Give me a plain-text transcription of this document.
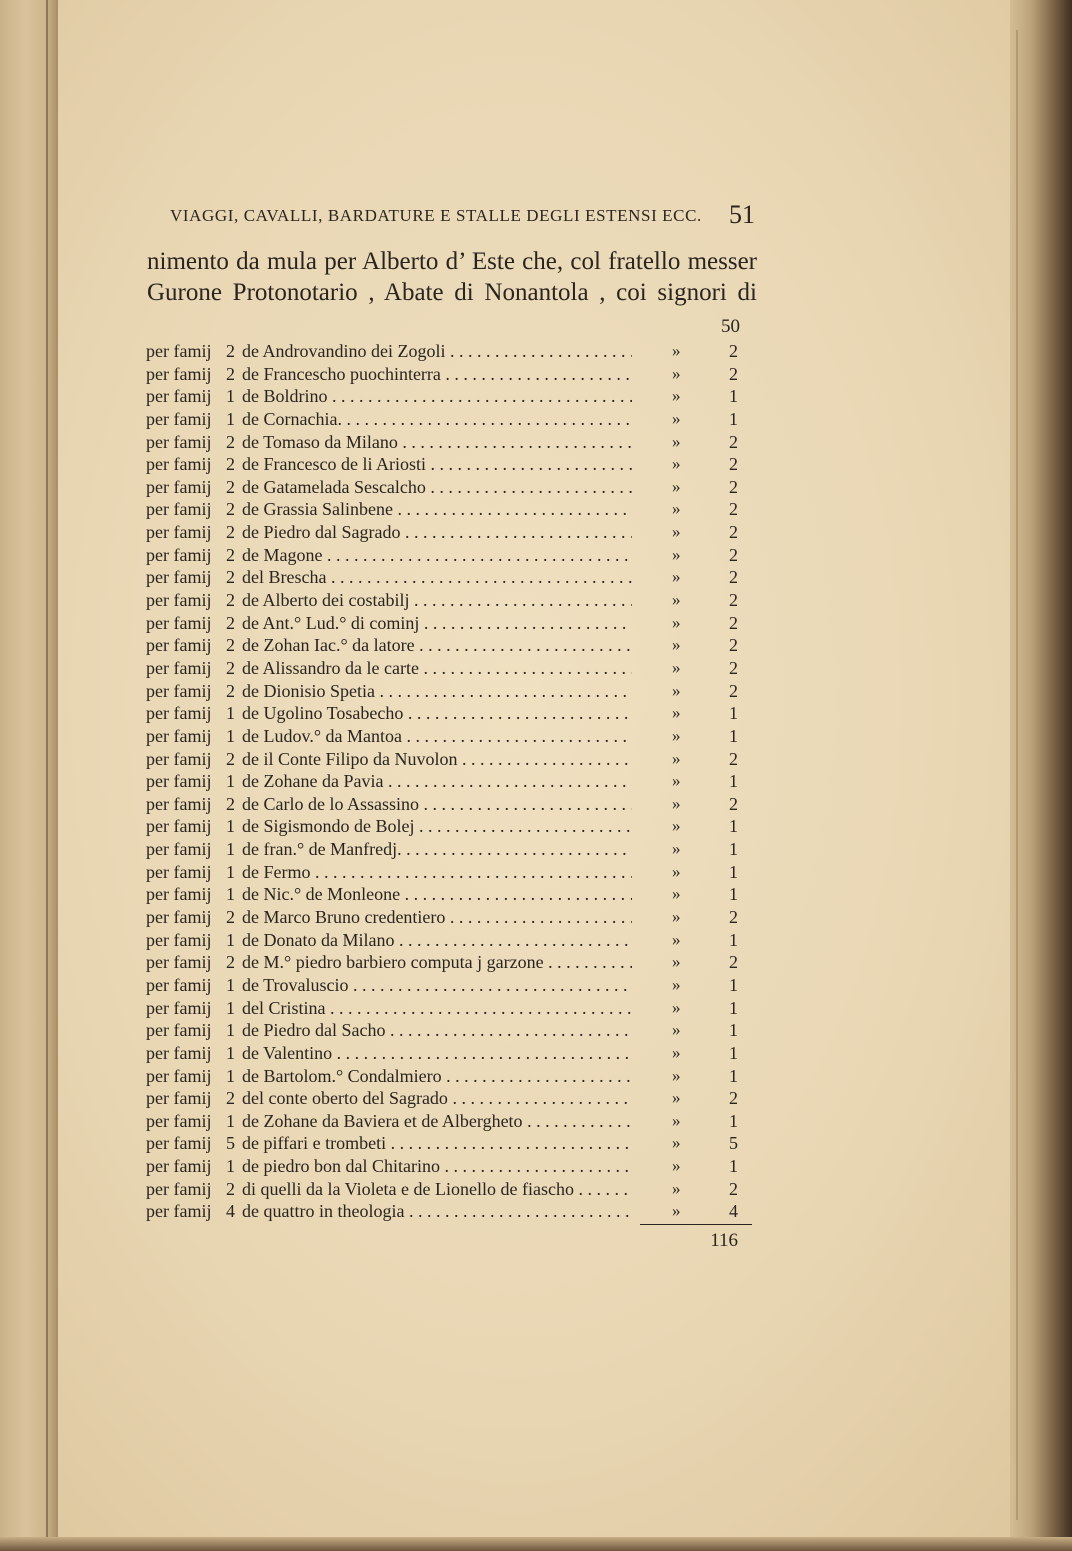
VIAGGI, CAVALLI, BARDATURE E STALLE DEGLI ESTENSI ECC. 51
nimento da mula per Alberto d’ Este che, col fratello messer
Gurone Protonotario , Abate di Nonantola , coi signori di
50
per famij 2 de Androvandino dei Zogoli . . .	»	2
per famij 2 de Francescho puochinterra . . .	»	2
per famij 1 de Boldrino . . .	»	1
per famij 1 de Cornachia. . . .	»	1
per famij 2 de Tomaso da Milano . . .	»	2
per famij 2 de Francesco de li Ariosti . . .	»	2
per famij 2 de Gatamelada Sescalcho . . .	»	2
per famij 2 de Grassia Salinbene . . .	»	2
per famij 2 de Piedro dal Sagrado . . .	»	2
per famij 2 de Magone . . .	»	2
per famij 2 del Brescha . . .	»	2
per famij 2 de Alberto dei costabilj . . .	»	2
per famij 2 de Ant.° Lud.° di cominj . . .	»	2
per famij 2 de Zohan Iac.° da latore . . .	»	2
per famij 2 de Alissandro da le carte . . .	»	2
per famij 2 de Dionisio Spetia . . .	»	2
per famij 1 de Ugolino Tosabecho . . .	»	1
per famij 1 de Ludov.° da Mantoa . . .	»	1
per famij 2 de il Conte Filipo da Nuvolon . . .	»	2
per famij 1 de Zohane da Pavia . . .	»	1
per famij 2 de Carlo de lo Assassino . . .	»	2
per famij 1 de Sigismondo de Bolej . . .	»	1
per famij 1 de fran.° de Manfredj. . . .	»	1
per famij 1 de Fermo . . .	»	1
per famij 1 de Nic.° de Monleone . . .	»	1
per famij 2 de Marco Bruno credentiero . . .	»	2
per famij 1 de Donato da Milano . . .	»	1
per famij 2 de M.° piedro barbiero computa j garzone . . .	»	2
per famij 1 de Trovaluscio . . .	»	1
per famij 1 del Cristina . . .	»	1
per famij 1 de Piedro dal Sacho . . .	»	1
per famij 1 de Valentino . . .	»	1
per famij 1 de Bartolom.° Condalmiero . . .	»	1
per famij 2 del conte oberto del Sagrado . . .	»	2
per famij 1 de Zohane da Baviera et de Albergheto . . .	»	1
per famij 5 de piffari e trombeti . . .	»	5
per famij 1 de piedro bon dal Chitarino . . .	»	1
per famij 2 di quelli da la Violeta e de Lionello de fiascho . . .	»	2
per famij 4 de quattro in theologia . . .	»	4
116
